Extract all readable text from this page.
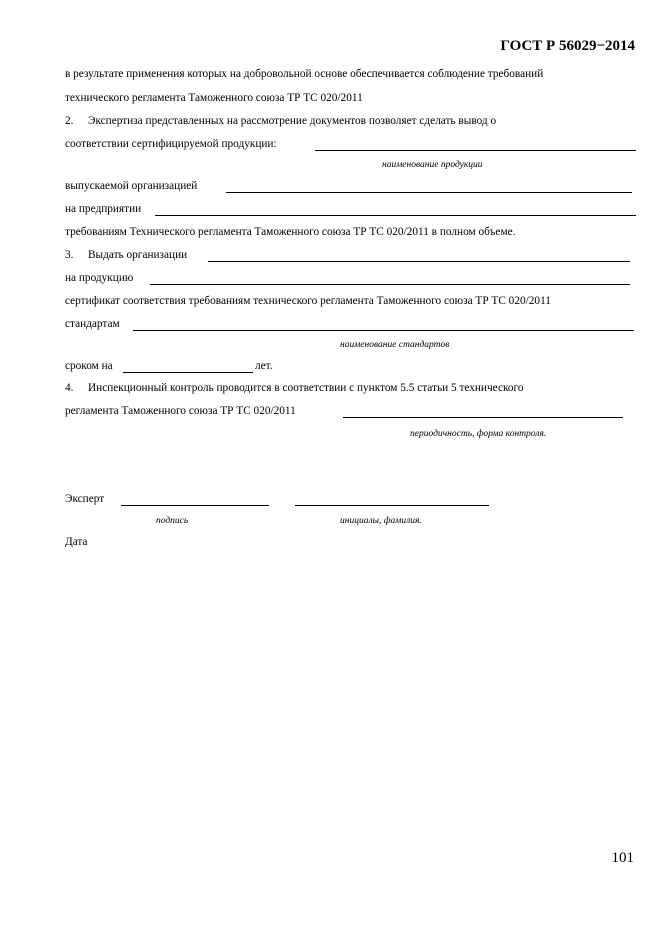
ГОСТ Р 56029−2014
в результате применения которых на добровольной основе обеспечивается соблюдение требований
технического регламента Таможенного союза ТР ТС 020/2011
2. Экспертиза представленных на рассмотрение документов позволяет сделать вывод о
соответствии сертифицируемой продукции:
наименование продукции
выпускаемой организацией
на предприятии
требованиям Технического регламента Таможенного союза ТР ТС 020/2011 в полном объеме.
3. Выдать организации
на продукцию
сертификат соответствия требованиям технического регламента Таможенного союза ТР ТС 020/2011
стандартам
наименование стандартов
сроком на	лет.
4. Инспекционный контроль проводится в соответствии с пунктом 5.5 статьи 5 технического
регламента Таможенного союза ТР ТС 020/2011
периодичность, форма контроля.
Эксперт
подпись	инициалы, фамилия.
Дата
101
